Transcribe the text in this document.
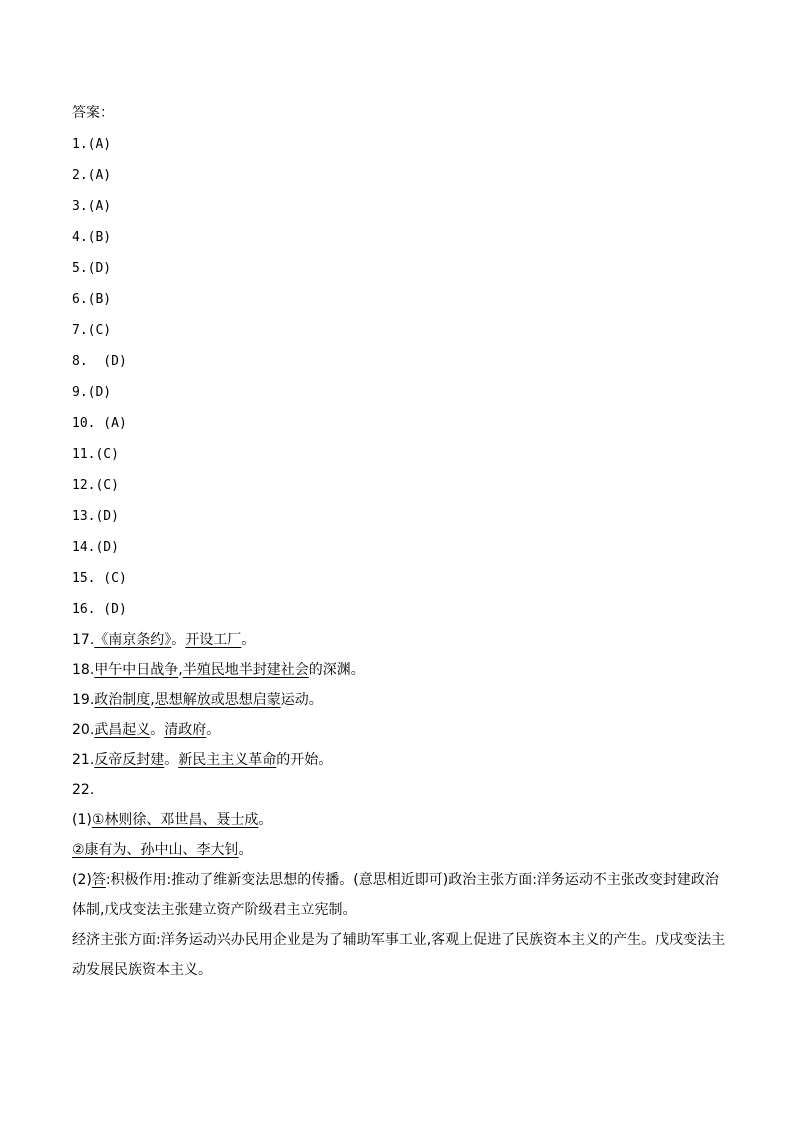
答案：
1.(A)
2.(A)
3.(A)
4.(B)
5.(D)
6.(B)
7.(C)
8.  (D)
9.(D)
10. (A)
11.(C)
12.(C)
13.(D)
14.(D)
15. (C)
16. (D)
17.《南京条约》。开设工厂。
18.甲午中日战争,半殖民地半封建社会的深渊。
19.政治制度,思想解放或思想启蒙运动。
20.武昌起义。清政府。
21.反帝反封建。新民主主义革命的开始。
22.
(1)①林则徐、邓世昌、聂士成。
②康有为、孙中山、李大钊。
(2)答:积极作用:推动了维新变法思想的传播。(意思相近即可)政治主张方面:洋务运动不主张改变封建政治体制,戊戌变法主张建立资产阶级君主立宪制。
经济主张方面:洋务运动兴办民用企业是为了辅助军事工业,客观上促进了民族资本主义的产生。戊戌变法主动发展民族资本主义。
